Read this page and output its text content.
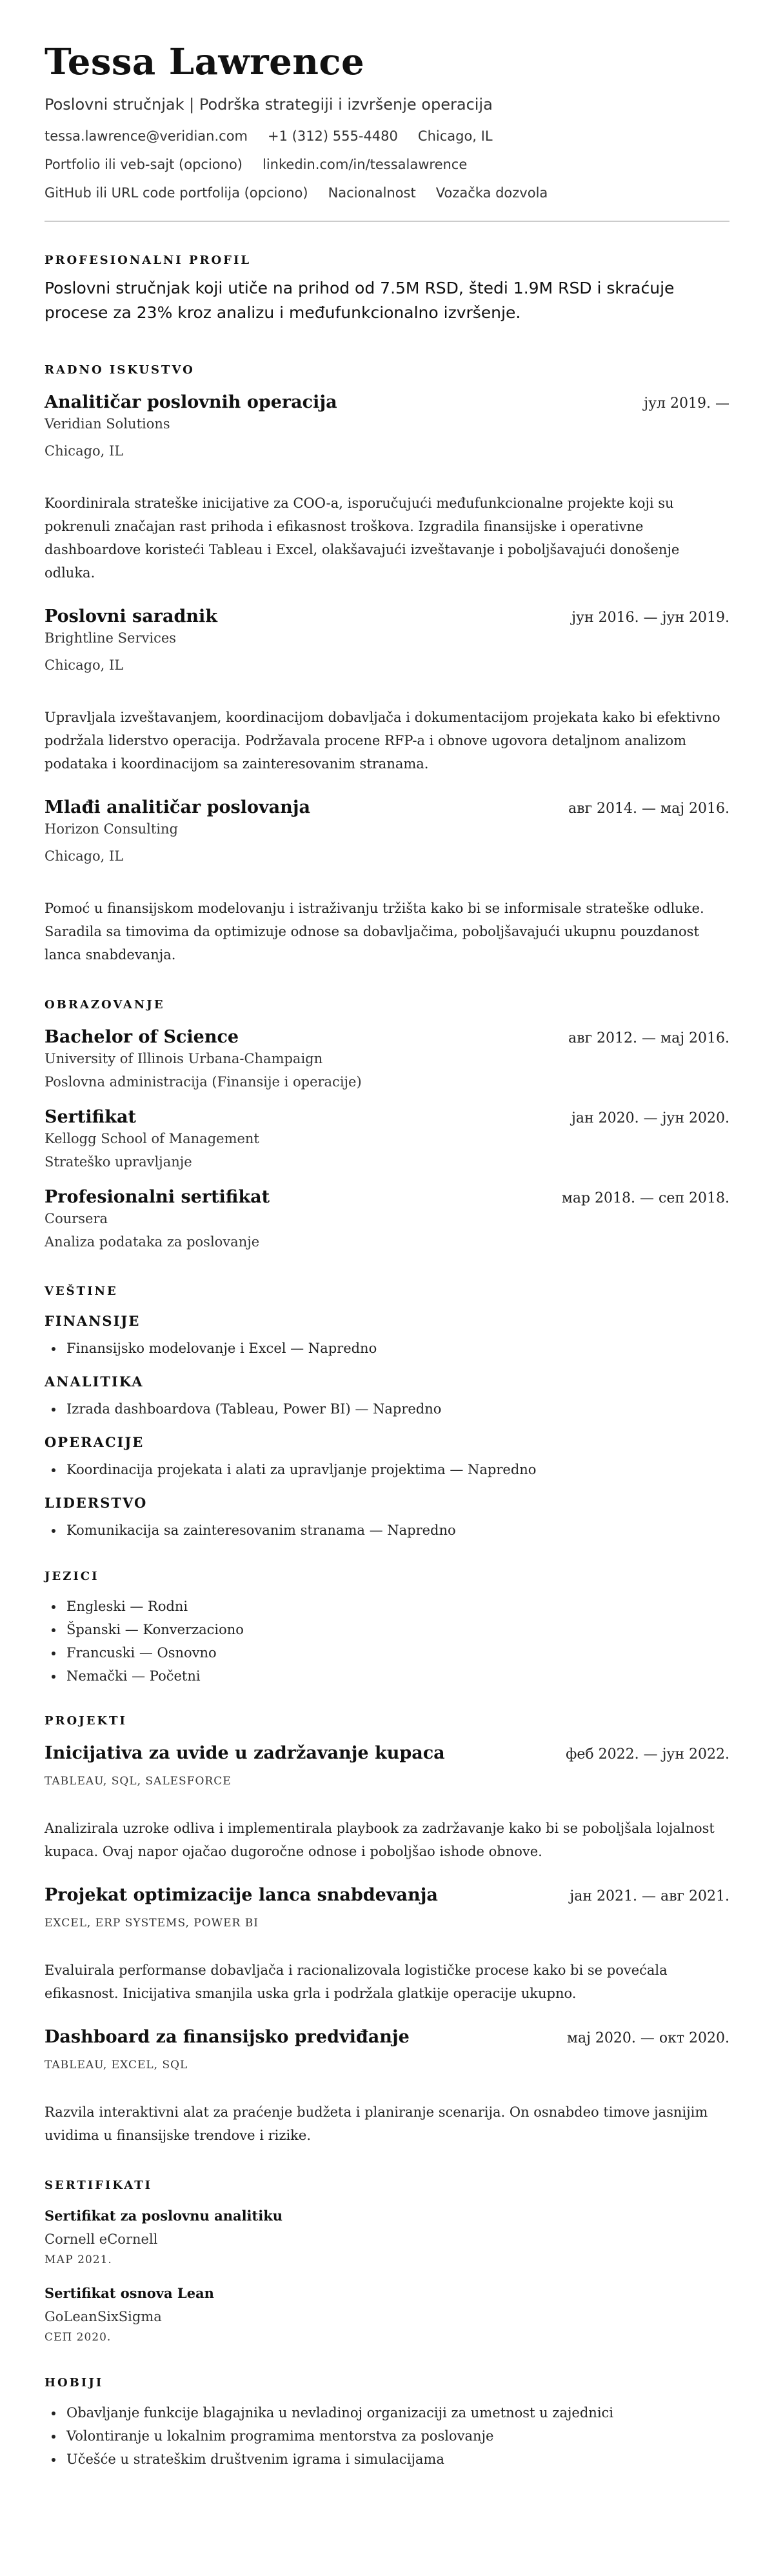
Tessa Lawrence
Poslovni stručnjak | Podrška strategiji i izvršenje operacija
tessa.lawrence@veridian.com +1 (312) 555-4480 Chicago, IL
Portfolio ili veb-sajt (opciono) linkedin.com/in/tessalawrence
GitHub ili URL code portfolija (opciono) Nacionalnost Vozačka dozvola
PROFESIONALNI PROFIL
Poslovni stručnjak koji utiče na prihod od 7.5M RSD, štedi 1.9M RSD i skraćuje procese za 23% kroz analizu i međufunkcionalno izvršenje.
RADNO ISKUSTVO
Analitičar poslovnih operacija	јул 2019. —
Veridian Solutions
Chicago, IL
Koordinirala strateške inicijative za COO-a, isporučujući međufunkcionalne projekte koji su pokrenuli značajan rast prihoda i efikasnost troškova. Izgradila finansijske i operativne dashboardove koristeći Tableau i Excel, olakšavajući izveštavanje i poboljšavajući donošenje odluka.
Poslovni saradnik	јун 2016. — јун 2019.
Brightline Services
Chicago, IL
Upravljala izveštavanjem, koordinacijom dobavljača i dokumentacijom projekata kako bi efektivno podržala liderstvo operacija. Podržavala procene RFP-a i obnove ugovora detaljnom analizom podataka i koordinacijom sa zainteresovanim stranama.
Mlađi analitičar poslovanja	авг 2014. — мај 2016.
Horizon Consulting
Chicago, IL
Pomoć u finansijskom modelovanju i istraživanju tržišta kako bi se informisale strateške odluke. Saradila sa timovima da optimizuje odnose sa dobavljačima, poboljšavajući ukupnu pouzdanost lanca snabdevanja.
OBRAZOVANJE
Bachelor of Science	авг 2012. — мај 2016.
University of Illinois Urbana-Champaign
Poslovna administracija (Finansije i operacije)
Sertifikat	јан 2020. — јун 2020.
Kellogg School of Management
Strateško upravljanje
Profesionalni sertifikat	мар 2018. — сеп 2018.
Coursera
Analiza podataka za poslovanje
VEŠTINE
FINANSIJE
• Finansijsko modelovanje i Excel — Napredno
ANALITIKA
• Izrada dashboardova (Tableau, Power BI) — Napredno
OPERACIJE
• Koordinacija projekata i alati za upravljanje projektima — Napredno
LIDERSTVO
• Komunikacija sa zainteresovanim stranama — Napredno
JEZICI
• Engleski — Rodni
• Španski — Konverzaciono
• Francuski — Osnovno
• Nemački — Početni
PROJEKTI
Inicijativa za uvide u zadržavanje kupaca	феб 2022. — јун 2022.
TABLEAU, SQL, SALESFORCE
Analizirala uzroke odliva i implementirala playbook za zadržavanje kako bi se poboljšala lojalnost kupaca. Ovaj napor ojačao dugoročne odnose i poboljšao ishode obnove.
Projekat optimizacije lanca snabdevanja	јан 2021. — авг 2021.
EXCEL, ERP SYSTEMS, POWER BI
Evaluirala performanse dobavljača i racionalizovala logističke procese kako bi se povećala efikasnost. Inicijativa smanjila uska grla i podržala glatkije operacije ukupno.
Dashboard za finansijsko predviđanje	мај 2020. — окт 2020.
TABLEAU, EXCEL, SQL
Razvila interaktivni alat za praćenje budžeta i planiranje scenarija. On osnabdeo timove jasnijim uvidima u finansijske trendove i rizike.
SERTIFIKATI
Sertifikat za poslovnu analitiku
Cornell eCornell
МАР 2021.
Sertifikat osnova Lean
GoLeanSixSigma
СЕП 2020.
HOBIJI
• Obavljanje funkcije blagajnika u nevladinoj organizaciji za umetnost u zajednici
• Volontiranje u lokalnim programima mentorstva za poslovanje
• Učešće u strateškim društvenim igrama i simulacijama
